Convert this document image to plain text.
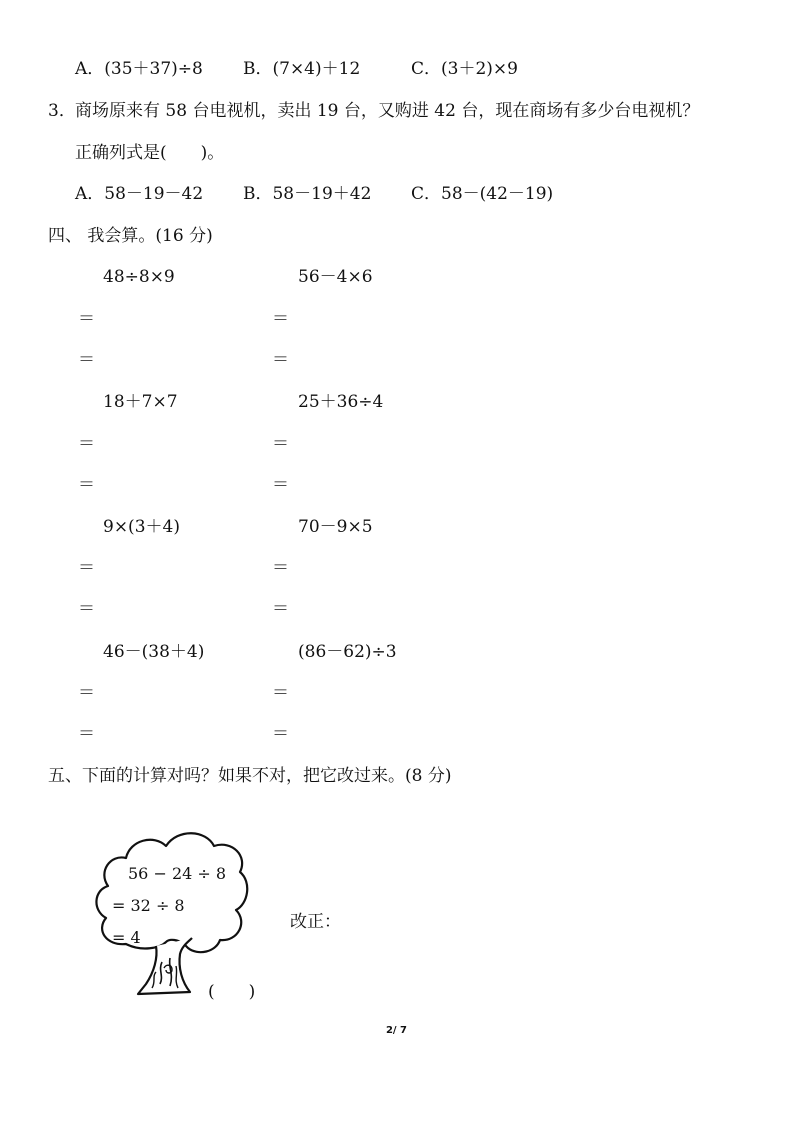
A．(35＋37)÷8 B．(7×4)＋12	C．(3＋2)×9
3． 商场原来有 58 台电视机，卖出 19 台，又购进 42 台，现在商场有多少台电视机？
正确列式是(　　)。
A．58－19－42 B．58－19＋42 C．58－(42－19)
四、 我会算。(16 分)
48÷8×9	56－4×6
＝	＝
＝	＝
18＋7×7	25＋36÷4
＝	＝
＝	＝
9×(3＋4)	70－9×5
＝	＝
＝	＝
46－(38＋4)	(86－62)÷3
＝	＝
＝	＝
五、下面的计算对吗？如果不对，把它改过来。(8 分)
56 − 24 ÷ 8
= 32 ÷ 8
= 4
(　　)
改正：
2/ 7
